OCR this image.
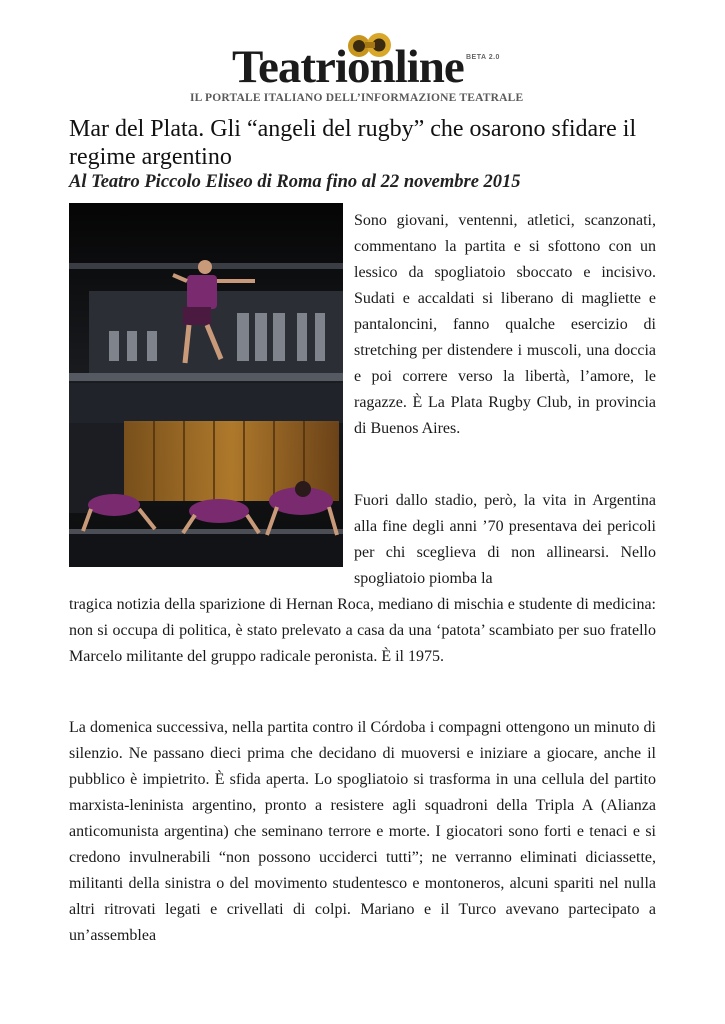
Teatrionline BETA 2.0
IL PORTALE ITALIANO DELL’INFORMAZIONE TEATRALE
Mar del Plata. Gli “angeli del rugby” che osarono sfidare il regime argentino
Al Teatro Piccolo Eliseo di Roma fino al 22 novembre 2015

Sono giovani, ventenni, atletici, scanzonati, commentano la partita e si sfottono con un lessico da spogliatoio sboccato e incisivo. Sudati e accaldati si liberano di magliette e pantaloncini, fanno qualche esercizio di stretching per distendere i muscoli, una doccia e poi correre verso la libertà, l’amore, le ragazze. È La Plata Rugby Club, in provincia di Buenos Aires.

Fuori dallo stadio, però, la vita in Argentina alla fine degli anni ’70 presentava dei pericoli per chi sceglieva di non allinearsi. Nello spogliatoio piomba la

tragica notizia della sparizione di Hernan Roca, mediano di mischia e studente di medicina: non si occupa di politica, è stato prelevato a casa da una ‘patota’ scambiato per suo fratello Marcelo militante del gruppo radicale peronista. È il 1975.

La domenica successiva, nella partita contro il Córdoba i compagni ottengono un minuto di silenzio. Ne passano dieci prima che decidano di muoversi e iniziare a giocare, anche il pubblico è impietrito. È sfida aperta. Lo spogliatoio si trasforma in una cellula del partito marxista-leninista argentino, pronto a resistere agli squadroni della Tripla A (Alianza anticomunista argentina) che seminano terrore e morte. I giocatori sono forti e tenaci e si credono invulnerabili “non possono ucciderci tutti”; ne verranno eliminati diciassette, militanti della sinistra o del movimento studentesco e montoneros, alcuni spariti nel nulla altri ritrovati legati e crivellati di colpi. Mariano e il Turco avevano partecipato a un’assemblea
